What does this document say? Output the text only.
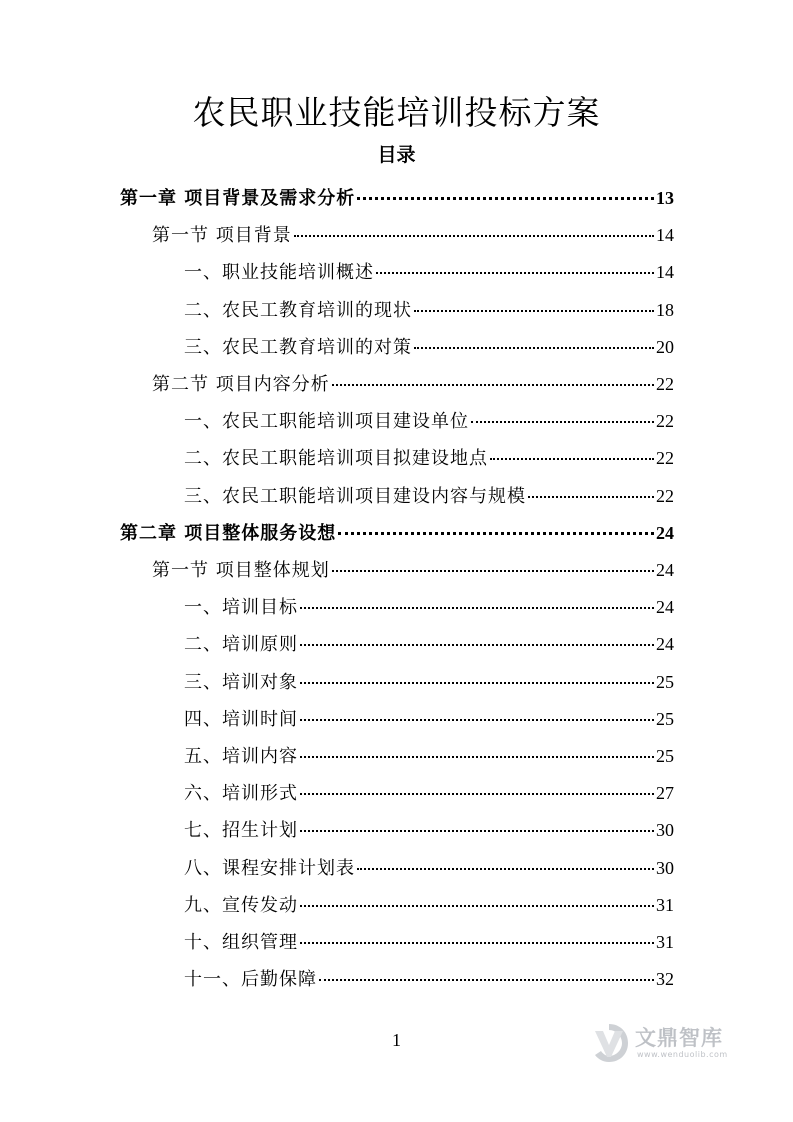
农民职业技能培训投标方案
目录
第一章 项目背景及需求分析	13
第一节 项目背景	14
一、职业技能培训概述	14
二、农民工教育培训的现状	18
三、农民工教育培训的对策	20
第二节 项目内容分析	22
一、农民工职能培训项目建设单位	22
二、农民工职能培训项目拟建设地点	22
三、农民工职能培训项目建设内容与规模	22
第二章 项目整体服务设想	24
第一节 项目整体规划	24
一、培训目标	24
二、培训原则	24
三、培训对象	25
四、培训时间	25
五、培训内容	25
六、培训形式	27
七、招生计划	30
八、课程安排计划表	30
九、宣传发动	31
十、组织管理	31
十一、后勤保障	32
1	文鼎智库
www.wenduolib.com
